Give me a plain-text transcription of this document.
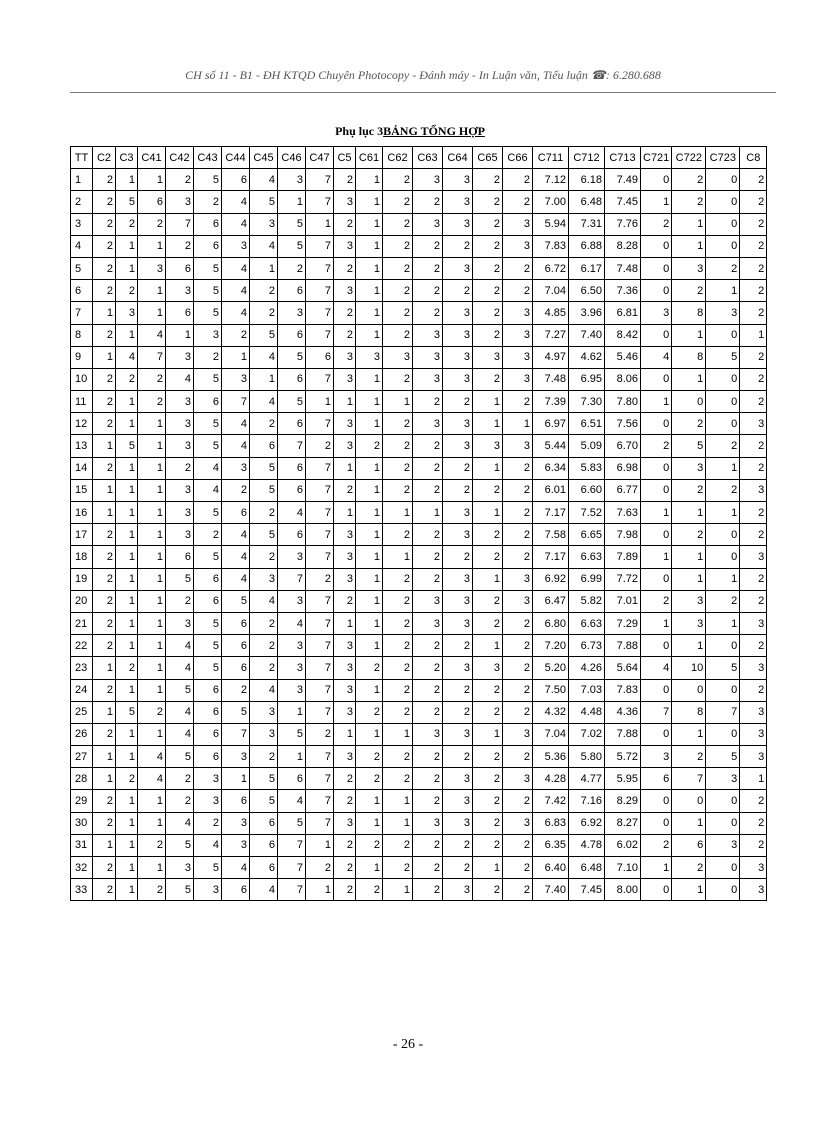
CH số 11 - B1 - ĐH KTQD Chuyên Photocopy - Đánh máy - In Luận văn, Tiểu luận ☎: 6.280.688
Phụ lục 3BẢNG TỔNG HỢP
TT	C2	C3	C41	C42	C43	C44	C45	C46	C47	C5	C61	C62	C63	C64	C65	C66	C711	C712	C713	C721	C722	C723	C8
1	2	1	1	2	5	6	4	3	7	2	1	2	3	3	2	2	7.12	6.18	7.49	0	2	0	2
2	2	5	6	3	2	4	5	1	7	3	1	2	2	3	2	2	7.00	6.48	7.45	1	2	0	2
3	2	2	2	7	6	4	3	5	1	2	1	2	3	3	2	3	5.94	7.31	7.76	2	1	0	2
4	2	1	1	2	6	3	4	5	7	3	1	2	2	2	2	3	7.83	6.88	8.28	0	1	0	2
5	2	1	3	6	5	4	1	2	7	2	1	2	2	3	2	2	6.72	6.17	7.48	0	3	2	2
6	2	2	1	3	5	4	2	6	7	3	1	2	2	2	2	2	7.04	6.50	7.36	0	2	1	2
7	1	3	1	6	5	4	2	3	7	2	1	2	2	3	2	3	4.85	3.96	6.81	3	8	3	2
8	2	1	4	1	3	2	5	6	7	2	1	2	3	3	2	3	7.27	7.40	8.42	0	1	0	1
9	1	4	7	3	2	1	4	5	6	3	3	3	3	3	3	3	4.97	4.62	5.46	4	8	5	2
10	2	2	2	4	5	3	1	6	7	3	1	2	3	3	2	3	7.48	6.95	8.06	0	1	0	2
11	2	1	2	3	6	7	4	5	1	1	1	1	2	2	1	2	7.39	7.30	7.80	1	0	0	2
12	2	1	1	3	5	4	2	6	7	3	1	2	3	3	1	1	6.97	6.51	7.56	0	2	0	3
13	1	5	1	3	5	4	6	7	2	3	2	2	2	3	3	3	5.44	5.09	6.70	2	5	2	2
14	2	1	1	2	4	3	5	6	7	1	1	2	2	2	1	2	6.34	5.83	6.98	0	3	1	2
15	1	1	1	3	4	2	5	6	7	2	1	2	2	2	2	2	6.01	6.60	6.77	0	2	2	3
16	1	1	1	3	5	6	2	4	7	1	1	1	1	3	1	2	7.17	7.52	7.63	1	1	1	2
17	2	1	1	3	2	4	5	6	7	3	1	2	2	3	2	2	7.58	6.65	7.98	0	2	0	2
18	2	1	1	6	5	4	2	3	7	3	1	1	2	2	2	2	7.17	6.63	7.89	1	1	0	3
19	2	1	1	5	6	4	3	7	2	3	1	2	2	3	1	3	6.92	6.99	7.72	0	1	1	2
20	2	1	1	2	6	5	4	3	7	2	1	2	3	3	2	3	6.47	5.82	7.01	2	3	2	2
21	2	1	1	3	5	6	2	4	7	1	1	2	3	3	2	2	6.80	6.63	7.29	1	3	1	3
22	2	1	1	4	5	6	2	3	7	3	1	2	2	2	1	2	7.20	6.73	7.88	0	1	0	2
23	1	2	1	4	5	6	2	3	7	3	2	2	2	3	3	2	5.20	4.26	5.64	4	10	5	3
24	2	1	1	5	6	2	4	3	7	3	1	2	2	2	2	2	7.50	7.03	7.83	0	0	0	2
25	1	5	2	4	6	5	3	1	7	3	2	2	2	2	2	2	4.32	4.48	4.36	7	8	7	3
26	2	1	1	4	6	7	3	5	2	1	1	1	3	3	1	3	7.04	7.02	7.88	0	1	0	3
27	1	1	4	5	6	3	2	1	7	3	2	2	2	2	2	2	5.36	5.80	5.72	3	2	5	3
28	1	2	4	2	3	1	5	6	7	2	2	2	2	3	2	3	4.28	4.77	5.95	6	7	3	1
29	2	1	1	2	3	6	5	4	7	2	1	1	2	3	2	2	7.42	7.16	8.29	0	0	0	2
30	2	1	1	4	2	3	6	5	7	3	1	1	3	3	2	3	6.83	6.92	8.27	0	1	0	2
31	1	1	2	5	4	3	6	7	1	2	2	2	2	2	2	2	6.35	4.78	6.02	2	6	3	2
32	2	1	1	3	5	4	6	7	2	2	1	2	2	2	1	2	6.40	6.48	7.10	1	2	0	3
33	2	1	2	5	3	6	4	7	1	2	2	1	2	3	2	2	7.40	7.45	8.00	0	1	0	3
- 26 -
